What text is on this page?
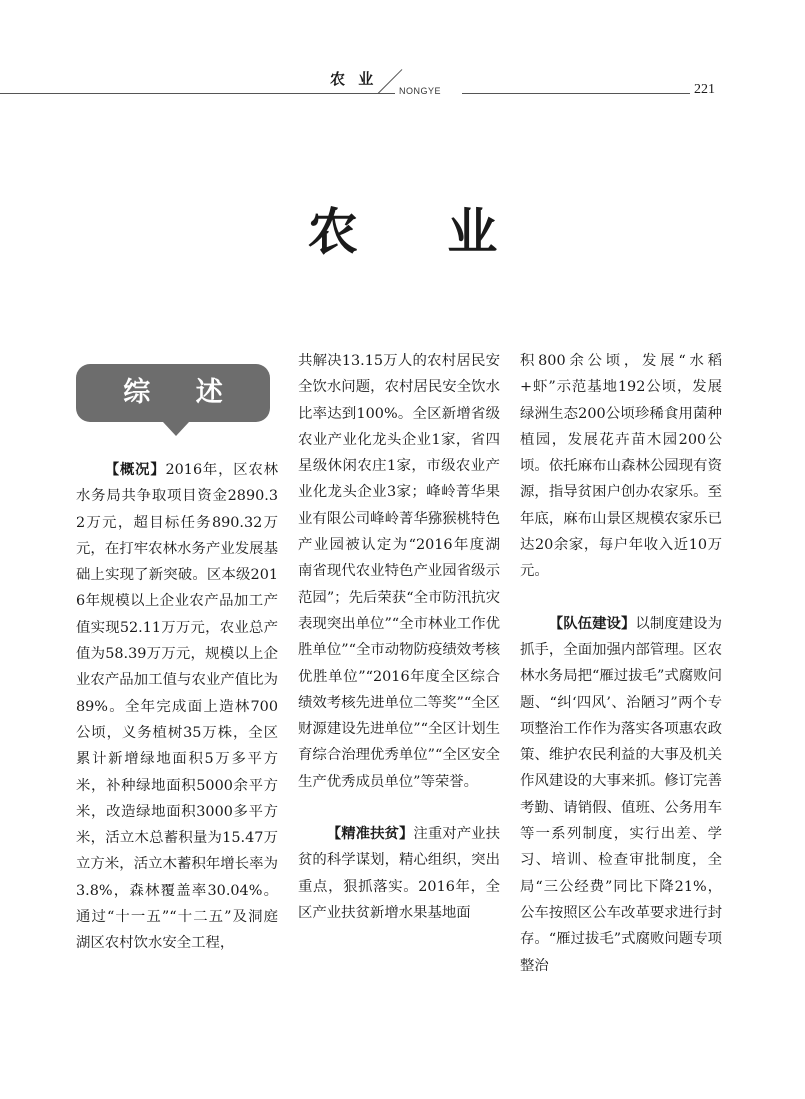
农 业
NONGYE	221
农 业
综 述

【概况】2016年，区农林水务局共争取项目资金2890.32万元，超目标任务890.32万元，在打牢农林水务产业发展基础上实现了新突破。区本级2016年规模以上企业农产品加工产值实现52.11万万元，农业总产值为58.39万万元，规模以上企业农产品加工值与农业产值比为89%。全年完成面上造林700公顷，义务植树35万株，全区累计新增绿地面积5万多平方米，补种绿地面积5000余平方米，改造绿地面积3000多平方米，活立木总蓄积量为15.47万立方米，活立木蓄积年增长率为3.8%，森林覆盖率30.04%。通过“十一五”“十二五”及洞庭湖区农村饮水安全工程，

共解决13.15万人的农村居民安全饮水问题，农村居民安全饮水比率达到100%。全区新增省级农业产业化龙头企业1家，省四星级休闲农庄1家，市级农业产业化龙头企业3家；峰岭菁华果业有限公司峰岭菁华猕猴桃特色产业园被认定为“2016年度湖南省现代农业特色产业园省级示范园”；先后荣获“全市防汛抗灾表现突出单位”“全市林业工作优胜单位”“全市动物防疫绩效考核优胜单位”“2016年度全区综合绩效考核先进单位二等奖”“全区财源建设先进单位”“全区计划生育综合治理优秀单位”“全区安全生产优秀成员单位”等荣誉。

【精准扶贫】注重对产业扶贫的科学谋划，精心组织，突出重点，狠抓落实。2016年，全区产业扶贫新增水果基地面

积800余公顷，发展“水稻+虾”示范基地192公顷，发展绿洲生态200公顷珍稀食用菌种植园，发展花卉苗木园200公顷。依托麻布山森林公园现有资源，指导贫困户创办农家乐。至年底，麻布山景区规模农家乐已达20余家，每户年收入近10万元。

【队伍建设】以制度建设为抓手，全面加强内部管理。区农林水务局把“雁过拔毛”式腐败问题、“纠‘四风’、治陋习”两个专项整治工作作为落实各项惠农政策、维护农民利益的大事及机关作风建设的大事来抓。修订完善考勤、请销假、值班、公务用车等一系列制度，实行出差、学习、培训、检查审批制度，全局“三公经费”同比下降21%，公车按照区公车改革要求进行封存。“雁过拔毛”式腐败问题专项整治
